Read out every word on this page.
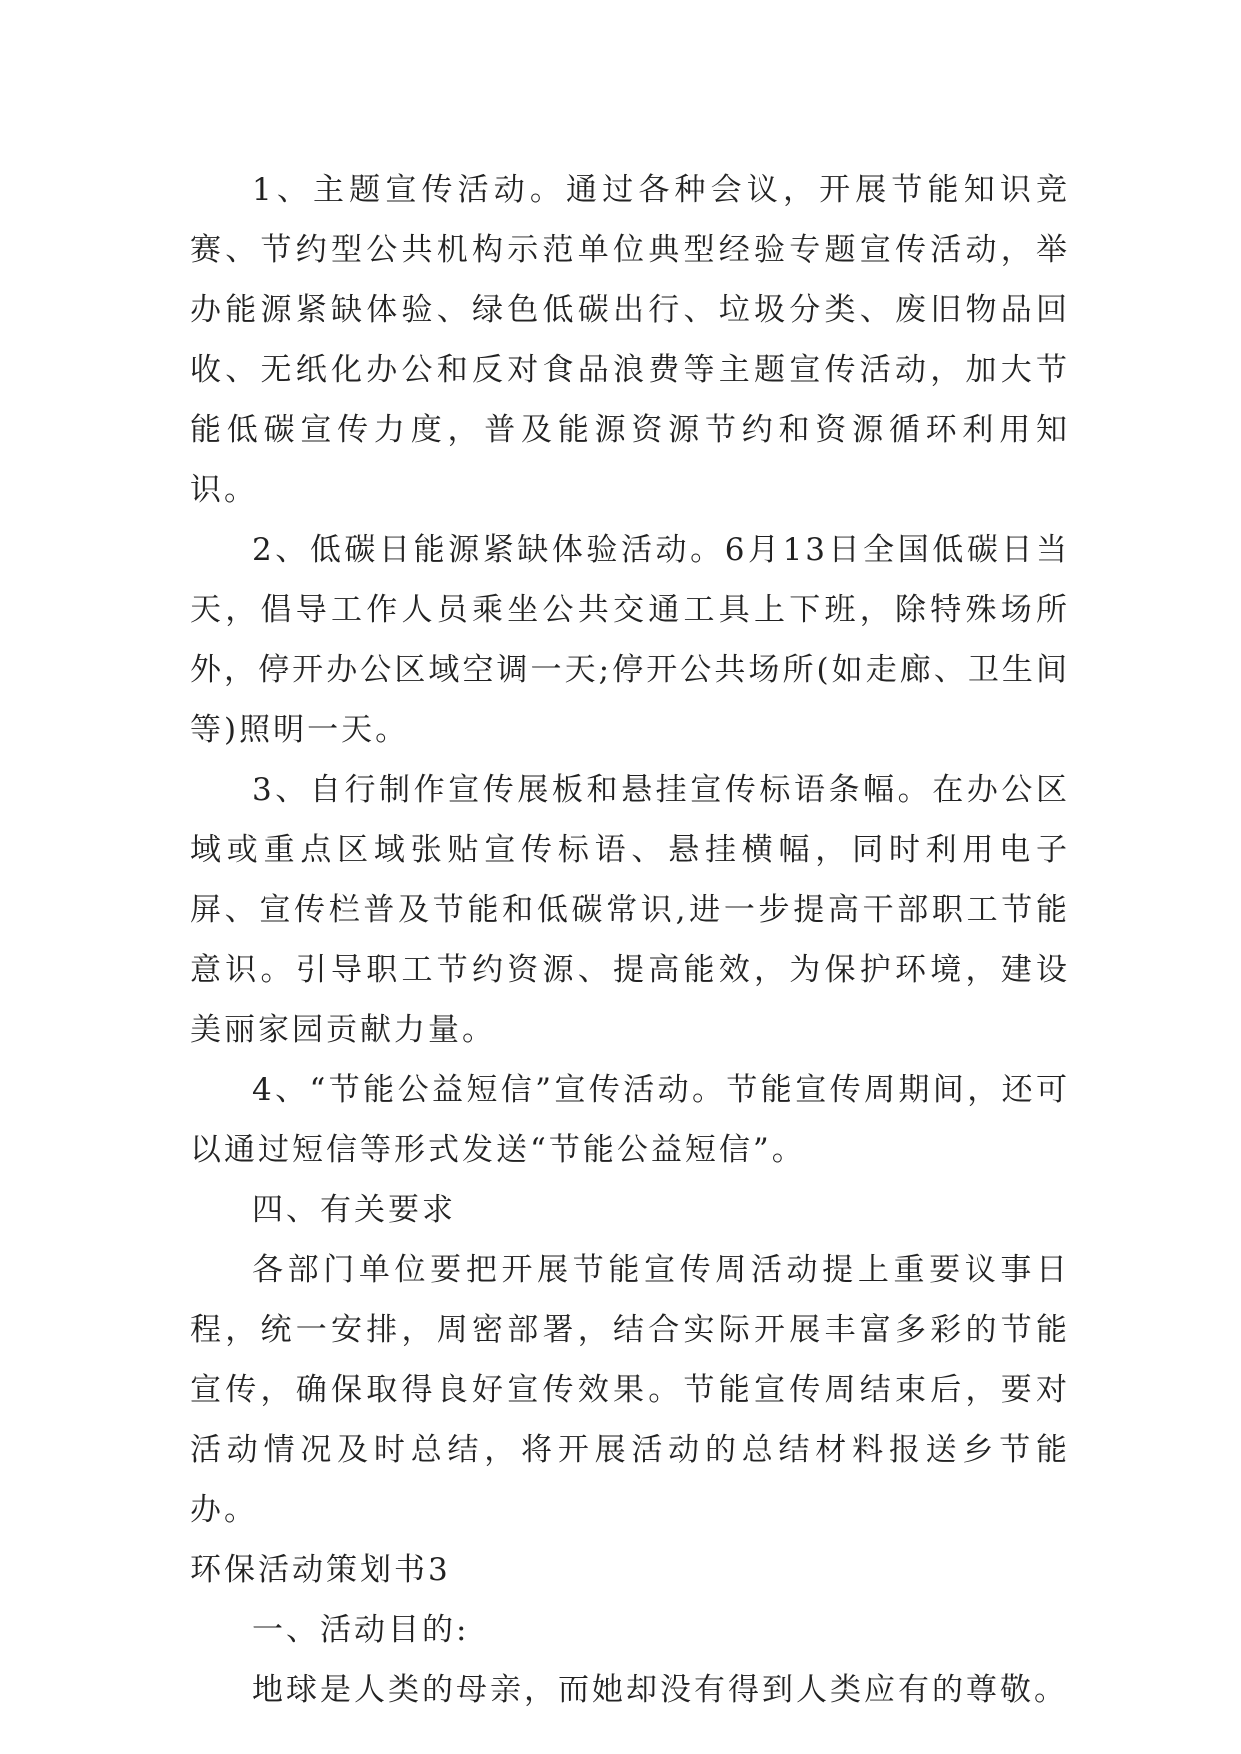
1、主题宣传活动。通过各种会议，开展节能知识竞赛、节约型公共机构示范单位典型经验专题宣传活动，举办能源紧缺体验、绿色低碳出行、垃圾分类、废旧物品回收、无纸化办公和反对食品浪费等主题宣传活动，加大节能低碳宣传力度，普及能源资源节约和资源循环利用知识。

2、低碳日能源紧缺体验活动。6月13日全国低碳日当天，倡导工作人员乘坐公共交通工具上下班，除特殊场所外，停开办公区域空调一天;停开公共场所(如走廊、卫生间等)照明一天。

3、自行制作宣传展板和悬挂宣传标语条幅。在办公区域或重点区域张贴宣传标语、悬挂横幅，同时利用电子屏、宣传栏普及节能和低碳常识,进一步提高干部职工节能意识。引导职工节约资源、提高能效，为保护环境，建设美丽家园贡献力量。

4、“节能公益短信”宣传活动。节能宣传周期间，还可以通过短信等形式发送“节能公益短信”。

四、有关要求

各部门单位要把开展节能宣传周活动提上重要议事日程，统一安排，周密部署，结合实际开展丰富多彩的节能宣传，确保取得良好宣传效果。节能宣传周结束后，要对活动情况及时总结，将开展活动的总结材料报送乡节能办。

环保活动策划书3

一、活动目的:

地球是人类的母亲，而她却没有得到人类应有的尊敬。
